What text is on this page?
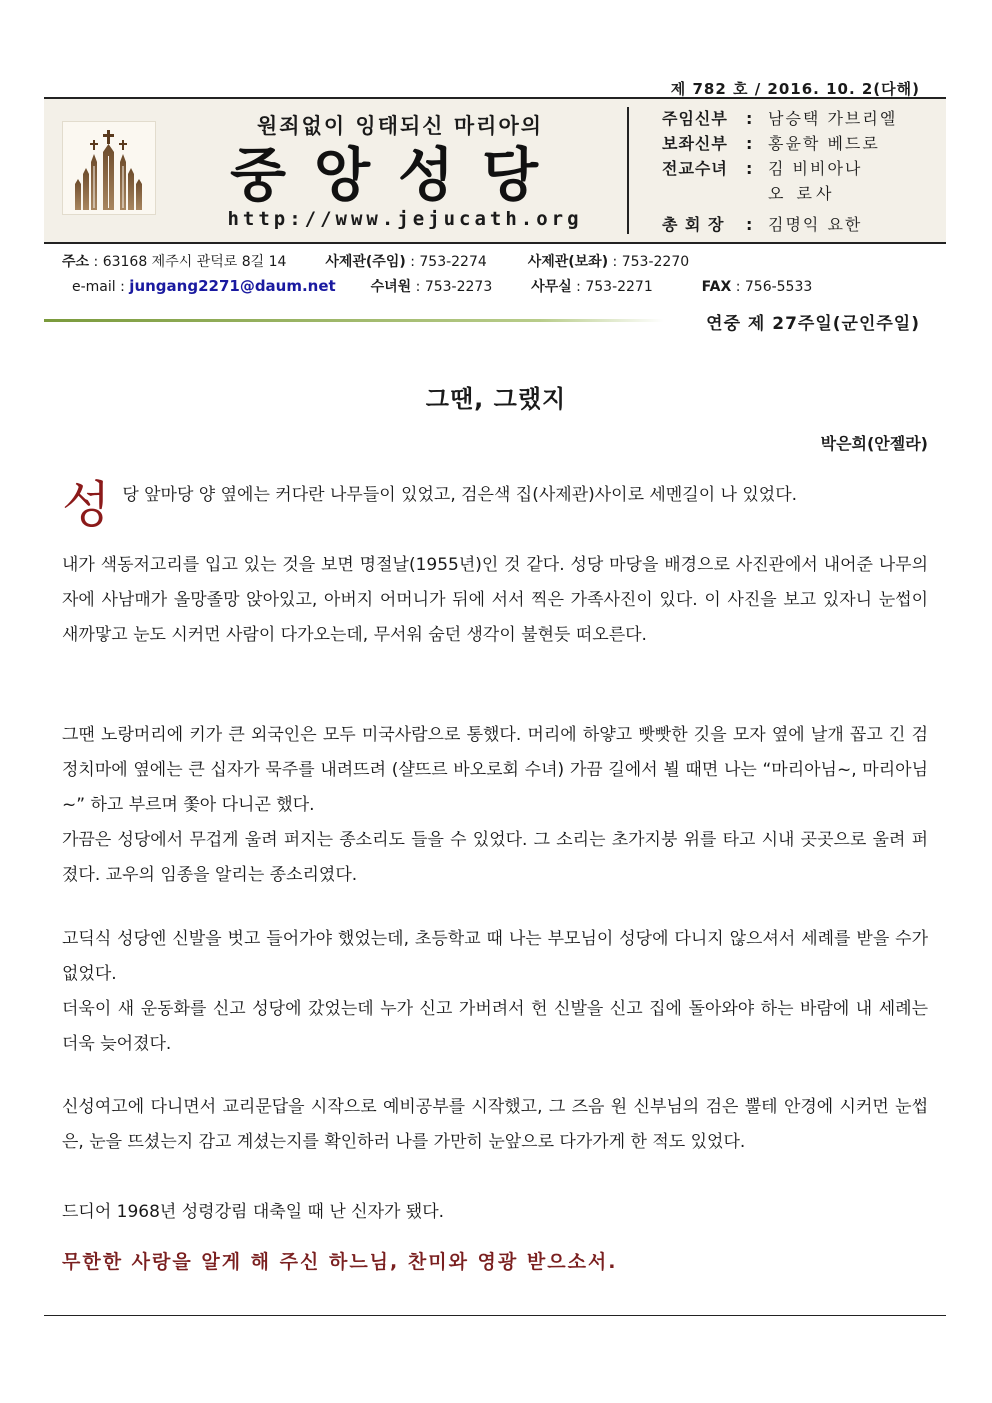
제 782 호 / 2016. 10. 2(다해)
원죄없이 잉태되신 마리아의
중앙성당
http://www.jejucath.org
주임신부	: 남승택 가브리엘
보좌신부	: 홍윤학 베드로
전교수녀	: 김 비비아나
오 로사
총 회 장	: 김명익 요한
주소 : 63168 제주시 관덕로 8길 14	사제관(주임) : 753-2274	사제관(보좌) : 753-2270
e-mail : jungang2271@daum.net 수녀원 : 753-2273	사무실 : 753-2271	FAX : 756-5533
연중 제 27주일(군인주일)
그땐, 그랬지
박은희(안젤라)
성당 앞마당 양 옆에는 커다란 나무들이 있었고, 검은색 집(사제관)사이로 세멘길이 나 있었다.
내가 색동저고리를 입고 있는 것을 보면 명절날(1955년)인 것 같다. 성당 마당을 배경으로 사진관에서 내어준 나무의자에 사남매가 올망졸망 앉아있고, 아버지 어머니가 뒤에 서서 찍은 가족사진이 있다. 이 사진을 보고 있자니 눈썹이 새까맣고 눈도 시커먼 사람이 다가오는데, 무서워 숨던 생각이 불현듯 떠오른다.
그땐 노랑머리에 키가 큰 외국인은 모두 미국사람으로 통했다. 머리에 하얗고 빳빳한 깃을 모자 옆에 날개 꼽고 긴 검정치마에 옆에는 큰 십자가 묵주를 내려뜨려 (샬뜨르 바오로회 수녀) 가끔 길에서 뵐 때면 나는 “마리아님~, 마리아님~” 하고 부르며 쫓아 다니곤 했다.
가끔은 성당에서 무겁게 울려 퍼지는 종소리도 들을 수 있었다. 그 소리는 초가지붕 위를 타고 시내 곳곳으로 울려 퍼졌다. 교우의 임종을 알리는 종소리였다.
고딕식 성당엔 신발을 벗고 들어가야 했었는데, 초등학교 때 나는 부모님이 성당에 다니지 않으셔서 세례를 받을 수가 없었다.
더욱이 새 운동화를 신고 성당에 갔었는데 누가 신고 가버려서 헌 신발을 신고 집에 돌아와야 하는 바람에 내 세례는 더욱 늦어졌다.
신성여고에 다니면서 교리문답을 시작으로 예비공부를 시작했고, 그 즈음 원 신부님의 검은 뿔테 안경에 시커먼 눈썹은, 눈을 뜨셨는지 감고 계셨는지를 확인하러 나를 가만히 눈앞으로 다가가게 한 적도 있었다.
드디어 1968년 성령강림 대축일 때 난 신자가 됐다.
무한한 사랑을 알게 해 주신 하느님, 찬미와 영광 받으소서.
